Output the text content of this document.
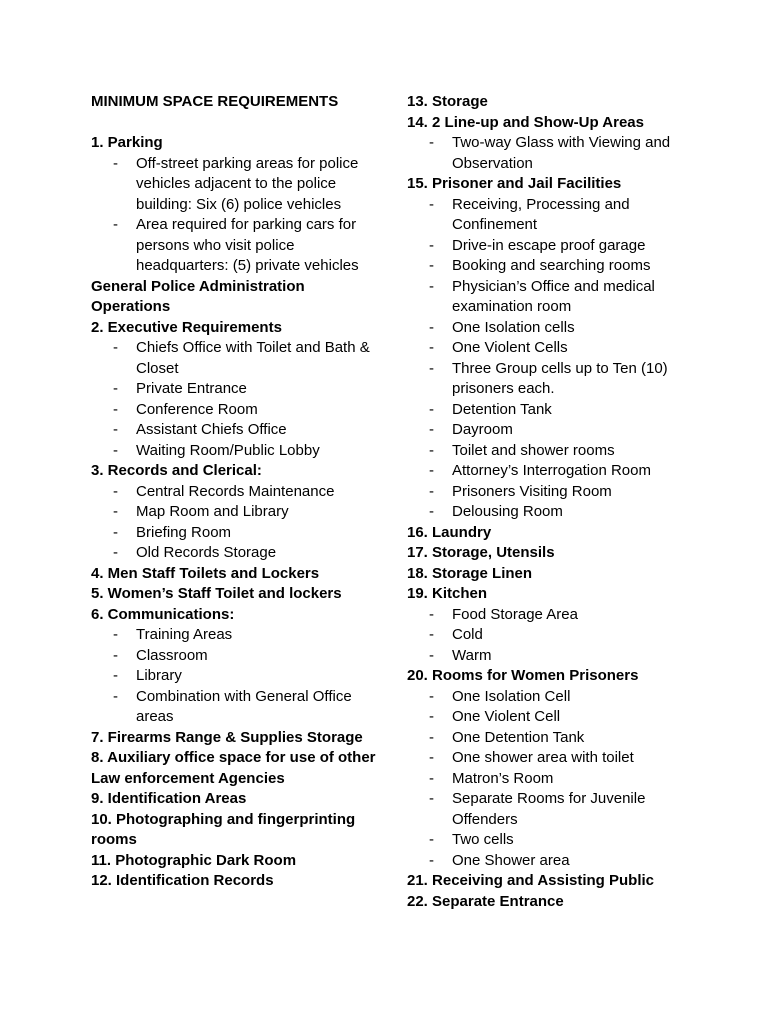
MINIMUM SPACE REQUIREMENTS
1. Parking
- Off-street parking areas for police vehicles adjacent to the police building: Six (6) police vehicles
- Area required for parking cars for persons who visit police headquarters: (5) private vehicles
General Police Administration Operations
2. Executive Requirements
- Chiefs Office with Toilet and Bath & Closet
- Private Entrance
- Conference Room
- Assistant Chiefs Office
- Waiting Room/Public Lobby
3. Records and Clerical:
- Central Records Maintenance
- Map Room and Library
- Briefing Room
- Old Records Storage
4. Men Staff Toilets and Lockers
5. Women’s Staff Toilet and lockers
6. Communications:
- Training Areas
- Classroom
- Library
- Combination with General Office areas
7. Firearms Range & Supplies Storage
8. Auxiliary office space for use of other Law enforcement Agencies
9. Identification Areas
10. Photographing and fingerprinting rooms
11. Photographic Dark Room
12. Identification Records
13. Storage
14. 2 Line-up and Show-Up Areas
- Two-way Glass with Viewing and Observation
15. Prisoner and Jail Facilities
- Receiving, Processing and Confinement
- Drive-in escape proof garage
- Booking and searching rooms
- Physician’s Office and medical examination room
- One Isolation cells
- One Violent Cells
- Three Group cells up to Ten (10) prisoners each.
- Detention Tank
- Dayroom
- Toilet and shower rooms
- Attorney’s Interrogation Room
- Prisoners Visiting Room
- Delousing Room
16. Laundry
17. Storage, Utensils
18. Storage Linen
19. Kitchen
- Food Storage Area
- Cold
- Warm
20. Rooms for Women Prisoners
- One Isolation Cell
- One Violent Cell
- One Detention Tank
- One shower area with toilet
- Matron’s Room
- Separate Rooms for Juvenile Offenders
- Two cells
- One Shower area
21. Receiving and Assisting Public
22. Separate Entrance
